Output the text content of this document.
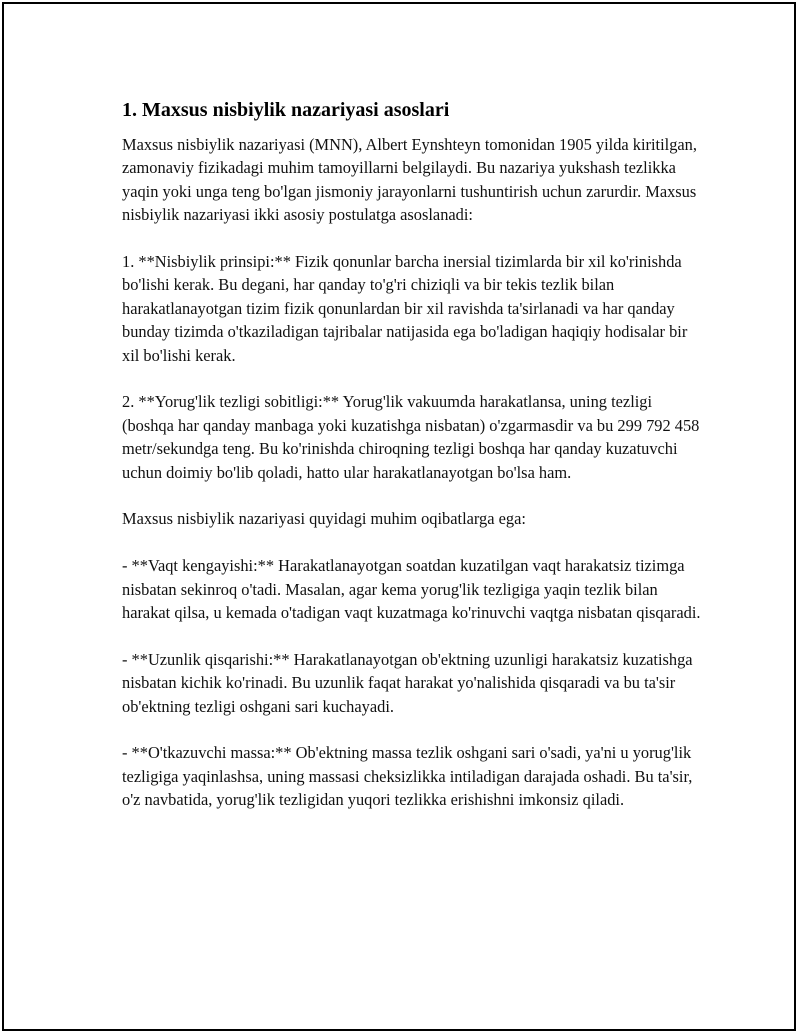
1. Maxsus nisbiylik nazariyasi asoslari

Maxsus nisbiylik nazariyasi (MNN), Albert Eynshteyn tomonidan 1905 yilda kiritilgan, zamonaviy fizikadagi muhim tamoyillarni belgilaydi. Bu nazariya yukshash tezlikka yaqin yoki unga teng bo'lgan jismoniy jarayonlarni tushuntirish uchun zarurdir. Maxsus nisbiylik nazariyasi ikki asosiy postulatga asoslanadi:

1. **Nisbiylik prinsipi:** Fizik qonunlar barcha inersial tizimlarda bir xil ko'rinishda bo'lishi kerak. Bu degani, har qanday to'g'ri chiziqli va bir tekis tezlik bilan harakatlanayotgan tizim fizik qonunlardan bir xil ravishda ta'sirlanadi va har qanday bunday tizimda o'tkaziladigan tajribalar natijasida ega bo'ladigan haqiqiy hodisalar bir xil bo'lishi kerak.

2. **Yorug'lik tezligi sobitligi:** Yorug'lik vakuumda harakatlansa, uning tezligi (boshqa har qanday manbaga yoki kuzatishga nisbatan) o'zgarmasdir va bu 299 792 458 metr/sekundga teng. Bu ko'rinishda chiroqning tezligi boshqa har qanday kuzatuvchi uchun doimiy bo'lib qoladi, hatto ular harakatlanayotgan bo'lsa ham.

Maxsus nisbiylik nazariyasi quyidagi muhim oqibatlarga ega:

- **Vaqt kengayishi:** Harakatlanayotgan soatdan kuzatilgan vaqt harakatsiz tizimga nisbatan sekinroq o'tadi. Masalan, agar kema yorug'lik tezligiga yaqin tezlik bilan harakat qilsa, u kemada o'tadigan vaqt kuzatmaga ko'rinuvchi vaqtga nisbatan qisqaradi.

- **Uzunlik qisqarishi:** Harakatlanayotgan ob'ektning uzunligi harakatsiz kuzatishga nisbatan kichik ko'rinadi. Bu uzunlik faqat harakat yo'nalishida qisqaradi va bu ta'sir ob'ektning tezligi oshgani sari kuchayadi.

- **O'tkazuvchi massa:** Ob'ektning massa tezlik oshgani sari o'sadi, ya'ni u yorug'lik tezligiga yaqinlashsa, uning massasi cheksizlikka intiladigan darajada oshadi. Bu ta'sir, o'z navbatida, yorug'lik tezligidan yuqori tezlikka erishishni imkonsiz qiladi.
